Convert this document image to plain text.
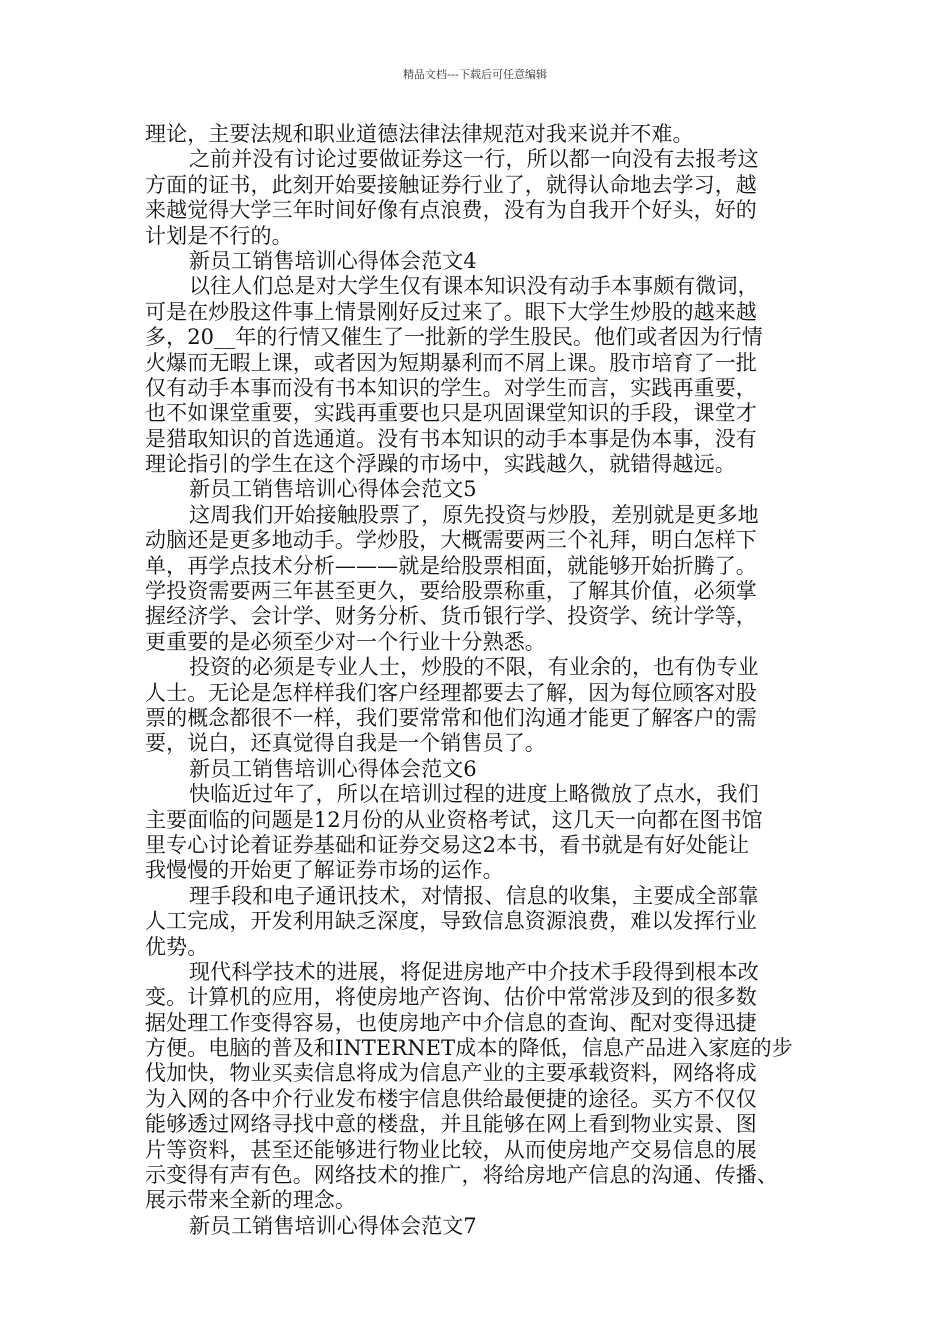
精品文档---下载后可任意编辑
理论，主要法规和职业道德法律法律规范对我来说并不难。
之前并没有讨论过要做证券这一行，所以都一向没有去报考这
方面的证书，此刻开始要接触证券行业了，就得认命地去学习，越
来越觉得大学三年时间好像有点浪费，没有为自我开个好头，好的
计划是不行的。
新员工销售培训心得体会范文4
以往人们总是对大学生仅有课本知识没有动手本事颇有微词，
可是在炒股这件事上情景刚好反过来了。眼下大学生炒股的越来越
多，20__年的行情又催生了一批新的学生股民。他们或者因为行情
火爆而无暇上课，或者因为短期暴利而不屑上课。股市培育了一批
仅有动手本事而没有书本知识的学生。对学生而言，实践再重要，
也不如课堂重要，实践再重要也只是巩固课堂知识的手段，课堂才
是猎取知识的首选通道。没有书本知识的动手本事是伪本事，没有
理论指引的学生在这个浮躁的市场中，实践越久，就错得越远。
新员工销售培训心得体会范文5
这周我们开始接触股票了，原先投资与炒股，差别就是更多地
动脑还是更多地动手。学炒股，大概需要两三个礼拜，明白怎样下
单，再学点技术分析———就是给股票相面，就能够开始折腾了。
学投资需要两三年甚至更久，要给股票称重，了解其价值，必须掌
握经济学、会计学、财务分析、货币银行学、投资学、统计学等，
更重要的是必须至少对一个行业十分熟悉。
投资的必须是专业人士，炒股的不限，有业余的，也有伪专业
人士。无论是怎样样我们客户经理都要去了解，因为每位顾客对股
票的概念都很不一样，我们要常常和他们沟通才能更了解客户的需
要，说白，还真觉得自我是一个销售员了。
新员工销售培训心得体会范文6
快临近过年了，所以在培训过程的进度上略微放了点水，我们
主要面临的问题是12月份的从业资格考试，这几天一向都在图书馆
里专心讨论着证券基础和证券交易这2本书，看书就是有好处能让
我慢慢的开始更了解证券市场的运作。
理手段和电子通讯技术，对情报、信息的收集，主要成全部靠
人工完成，开发利用缺乏深度，导致信息资源浪费，难以发挥行业
优势。
现代科学技术的进展，将促进房地产中介技术手段得到根本改
变。计算机的应用，将使房地产咨询、估价中常常涉及到的很多数
据处理工作变得容易，也使房地产中介信息的查询、配对变得迅捷
方便。电脑的普及和INTERNET成本的降低，信息产品进入家庭的步
伐加快，物业买卖信息将成为信息产业的主要承载资料，网络将成
为入网的各中介行业发布楼宇信息供给最便捷的途径。买方不仅仅
能够透过网络寻找中意的楼盘，并且能够在网上看到物业实景、图
片等资料，甚至还能够进行物业比较，从而使房地产交易信息的展
示变得有声有色。网络技术的推广，将给房地产信息的沟通、传播、
展示带来全新的理念。
新员工销售培训心得体会范文7
